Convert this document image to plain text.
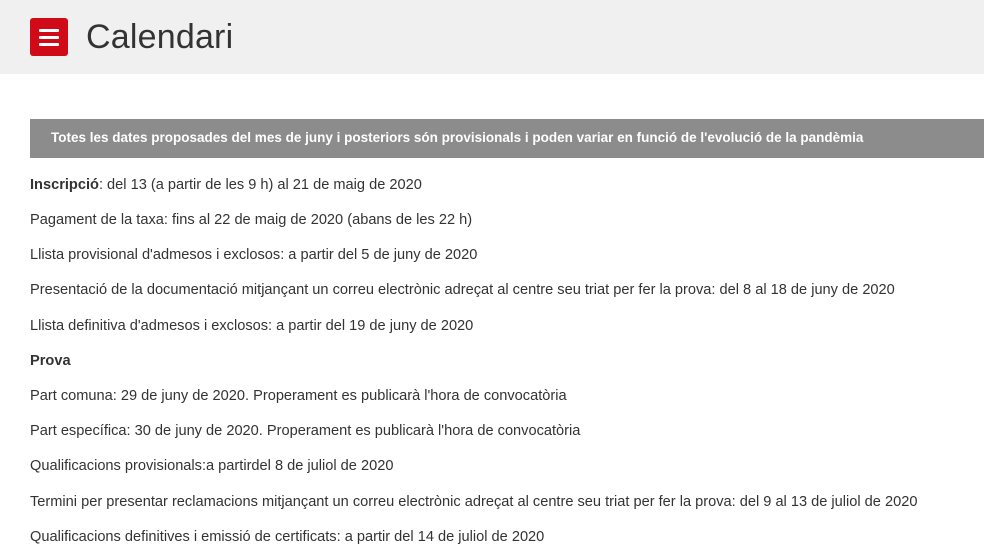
Calendari
Totes les dates proposades del mes de juny i posteriors són provisionals i poden variar en funció de l'evolució de la pandèmia
Inscripció: del 13 (a partir de les 9 h) al 21 de maig de 2020
Pagament de la taxa: fins al 22 de maig de 2020 (abans de les 22 h)
Llista provisional d'admesos i exclosos: a partir del 5 de juny de 2020
Presentació de la documentació mitjançant un correu electrònic adreçat al centre seu triat per fer la prova: del 8 al 18 de juny de 2020
Llista definitiva d'admesos i exclosos: a partir del 19 de juny de 2020
Prova
Part comuna: 29 de juny de 2020. Properament es publicarà l'hora de convocatòria
Part específica: 30 de juny de 2020. Properament es publicarà l'hora de convocatòria
Qualificacions provisionals:a partirdel 8 de juliol de 2020
Termini per presentar reclamacions mitjançant un correu electrònic adreçat al centre seu triat per fer la prova: del 9 al 13 de juliol de 2020
Qualificacions definitives i emissió de certificats: a partir del 14 de juliol de 2020
